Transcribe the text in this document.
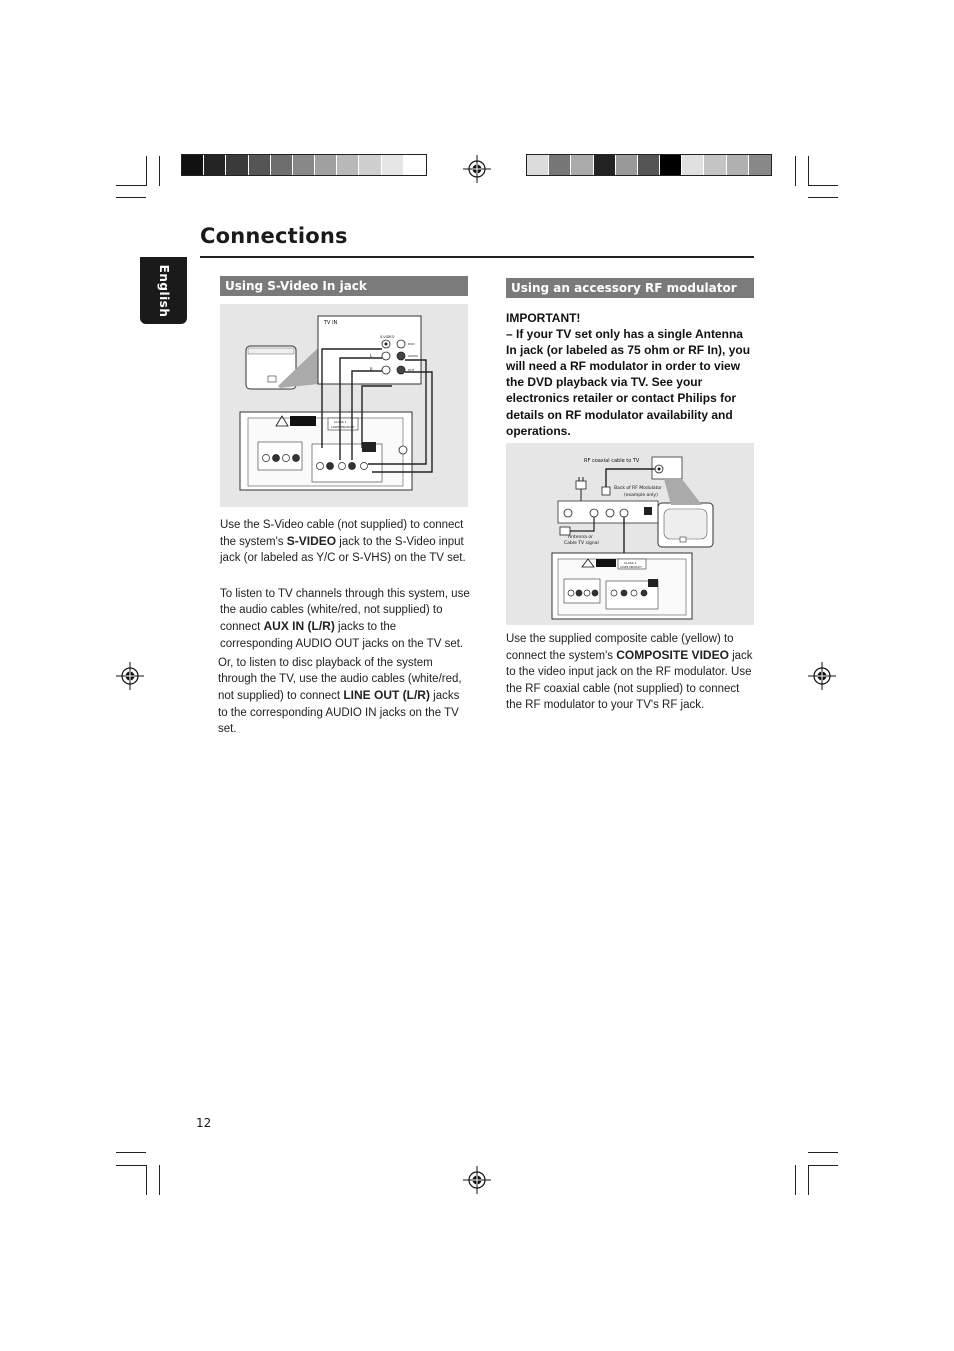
Connections
English	Using S-Video In jack
TV IN
S-VIDEO
DVD
L
R
AUDIO
OUT
CLASS 1
LASER PRODUCT

Use the S-Video cable (not supplied) to connect the system's S-VIDEO jack to the S-Video input jack (or labeled as Y/C or S-VHS) on the TV set.

To listen to TV channels through this system, use the audio cables (white/red, not supplied) to connect AUX IN (L/R) jacks to the corresponding AUDIO OUT jacks on the TV set.

Or, to listen to disc playback of the system through the TV, use the audio cables (white/red, not supplied) to connect LINE OUT (L/R) jacks to the corresponding AUDIO IN jacks on the TV set.

Using an accessory RF modulator
IMPORTANT!
– If your TV set only has a single Antenna In jack (or labeled as 75 ohm or RF In), you will need a RF modulator in order to view the DVD playback via TV. See your electronics retailer or contact Philips for details on RF modulator availability and operations.
RF coaxial cable to TV
Back of RF Modulator
(example only)
Antenna or
Cable TV signal
CLASS 1
LASER PRODUCT

Use the supplied composite cable (yellow) to connect the system's COMPOSITE VIDEO jack to the video input jack on the RF modulator. Use the RF coaxial cable (not supplied) to connect the RF modulator to your TV's RF jack.

12
